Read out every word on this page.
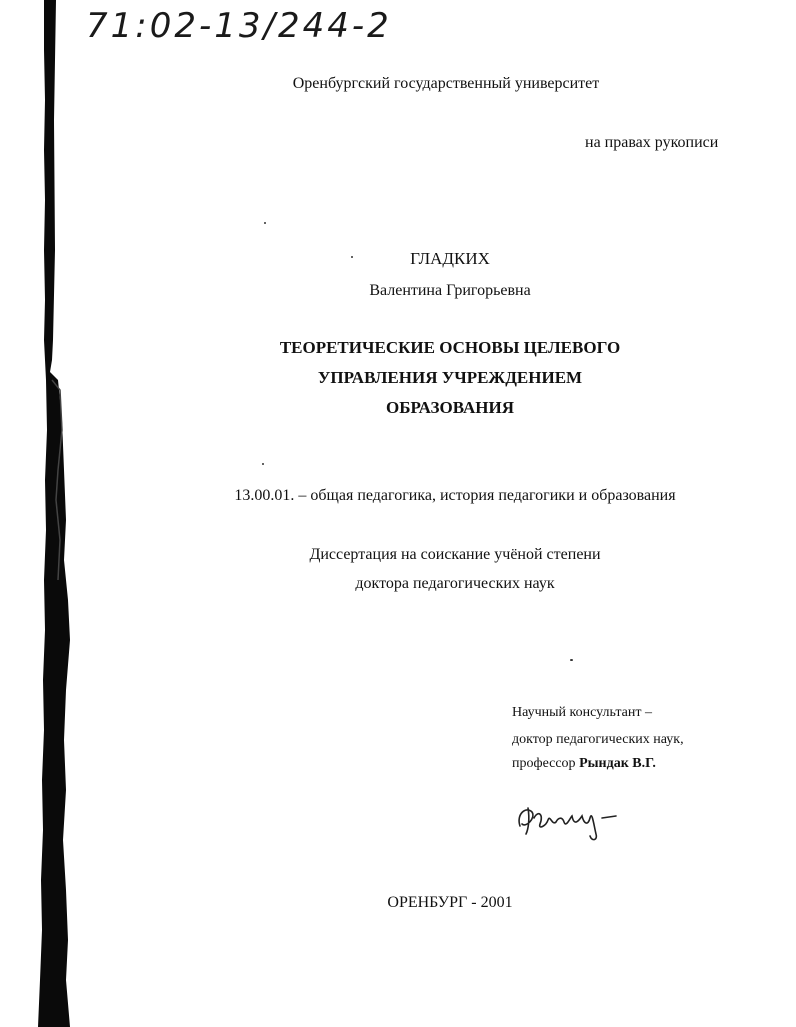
71:02-13/244-2
Оренбургский государственный университет
на правах рукописи
ГЛАДКИХ
Валентина Григорьевна
ТЕОРЕТИЧЕСКИЕ ОСНОВЫ ЦЕЛЕВОГО
УПРАВЛЕНИЯ УЧРЕЖДЕНИЕМ
ОБРАЗОВАНИЯ
13.00.01. – общая педагогика, история педагогики и образования
Диссертация на соискание учёной степени
доктора педагогических наук
Научный консультант –
доктор педагогических наук,
профессор Рындак В.Г.
ОРЕНБУРГ - 2001
